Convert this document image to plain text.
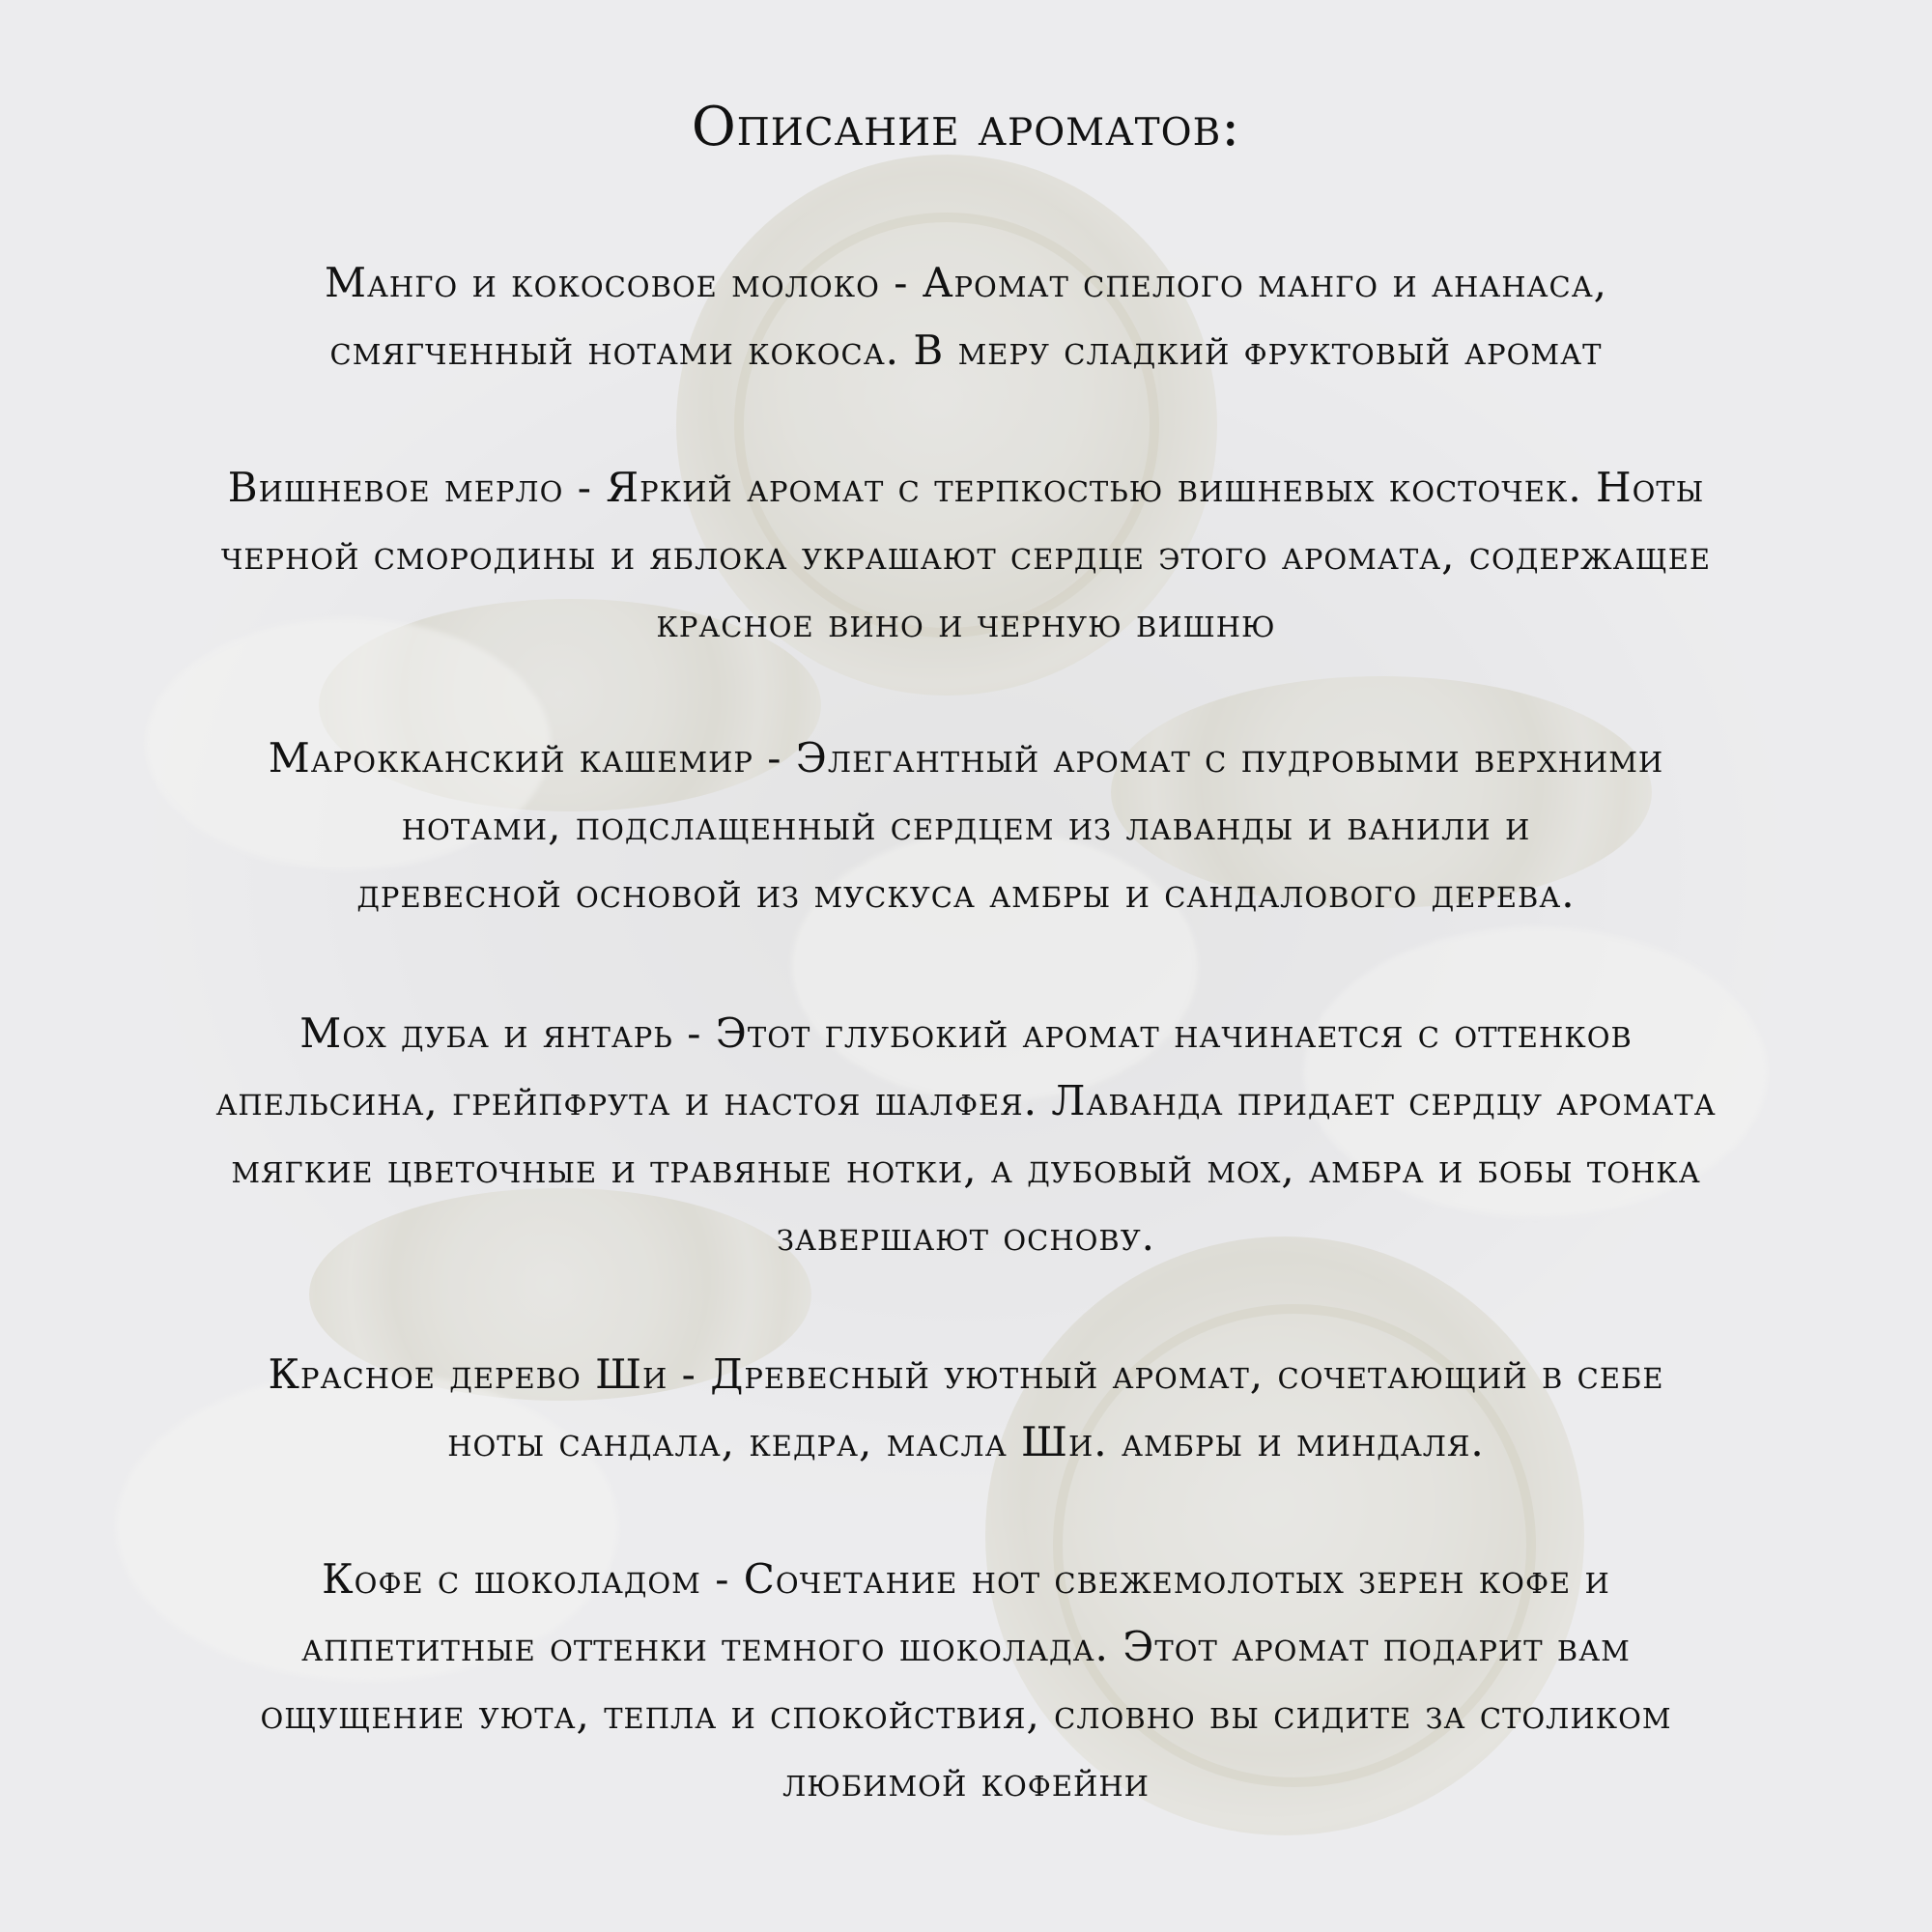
Описание ароматов:

Манго и кокосовое молоко - Аромат спелого манго и ананаса,
смягченный нотами кокоса. В меру сладкий фруктовый аромат

Вишневое мерло - Яркий аромат с терпкостью вишневых косточек. Ноты
черной смородины и яблока украшают сердце этого аромата, содержащее
красное вино и черную вишню

Марокканский кашемир - Элегантный аромат с пудровыми верхними
нотами, подслащенный сердцем из лаванды и ванили и
древесной основой из мускуса амбры и сандалового дерева.

Мох дуба и янтарь - Этот глубокий аромат начинается с оттенков
апельсина, грейпфрута и настоя шалфея. Лаванда придает сердцу аромата
мягкие цветочные и травяные нотки, а дубовый мох, амбра и бобы тонка
завершают основу.

Красное дерево Ши - Древесный уютный аромат, сочетающий в себе
ноты сандала, кедра, масла Ши. амбры и миндаля.

Кофе с шоколадом - Сочетание нот свежемолотых зерен кофе и
аппетитные оттенки темного шоколада. Этот аромат подарит вам
ощущение уюта, тепла и спокойствия, словно вы сидите за столиком
любимой кофейни
